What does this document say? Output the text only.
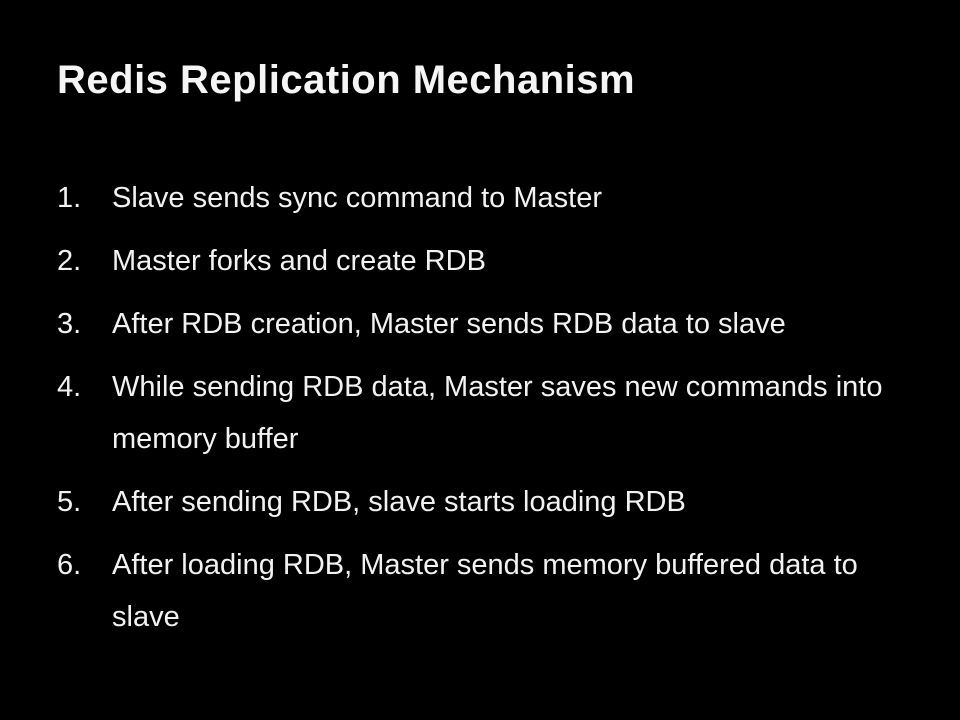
Redis Replication Mechanism
1.	Slave sends sync command to Master
2.	Master forks and create RDB
3.	After RDB creation, Master sends RDB data to slave
4.	While sending RDB data, Master saves new commands into memory buffer
5.	After sending RDB, slave starts loading RDB
6.	After loading RDB, Master sends memory buffered data to slave
